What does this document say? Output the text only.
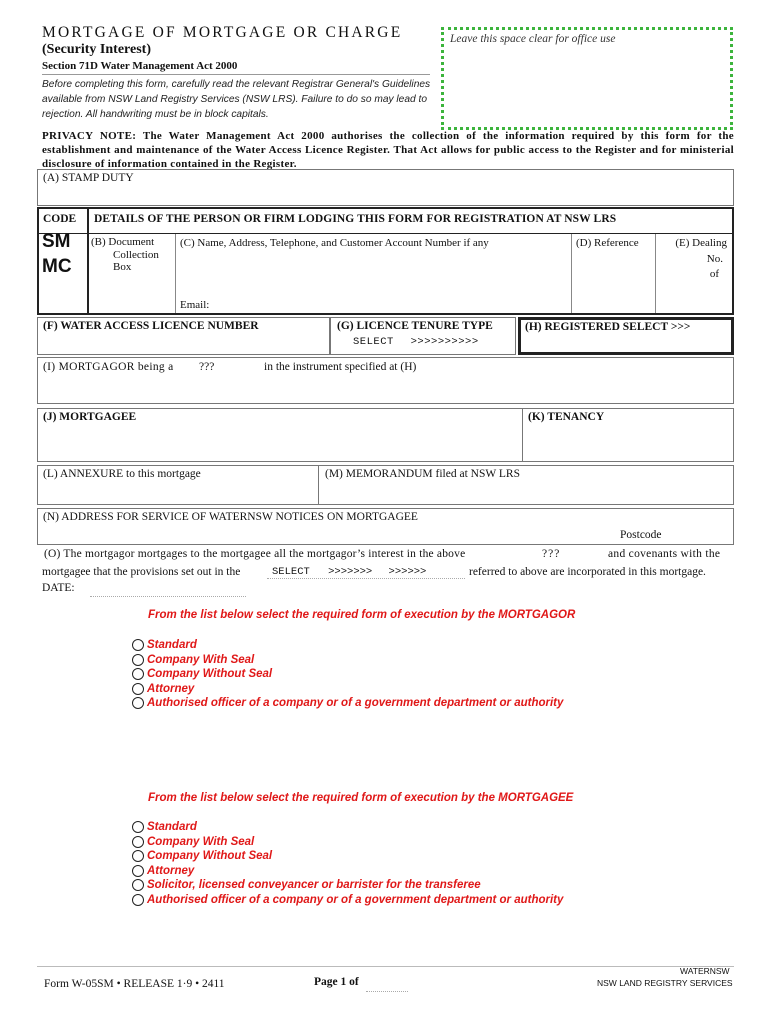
MORTGAGE OF MORTGAGE OR CHARGE
(Security Interest)
Section 71D Water Management Act 2000
Before completing this form, carefully read the relevant Registrar General's Guidelines available from NSW Land Registry Services (NSW LRS). Failure to do so may lead to rejection. All handwriting must be in block capitals.
Leave this space clear for office use
PRIVACY NOTE: The Water Management Act 2000 authorises the collection of the information required by this form for the establishment and maintenance of the Water Access Licence Register. That Act allows for public access to the Register and for ministerial disclosure of information contained in the Register.
(A) STAMP DUTY
CODE DETAILS OF THE PERSON OR FIRM LODGING THIS FORM FOR REGISTRATION AT NSW LRS
SM
MC
(B) Document
Collection
Box
(C) Name, Address, Telephone, and Customer Account Number if any
Email:
(D) Reference	(E) Dealing
No.
of
(F) WATER ACCESS LICENCE NUMBER	(G) LICENCE TENURE TYPE
SELECT >>>>>>>>>>
(H) REGISTERED SELECT >>>
(I) MORTGAGOR being a ???	in the instrument specified at (H)
(J) MORTGAGEE	(K) TENANCY
(L) ANNEXURE to this mortgage	(M) MEMORANDUM filed at NSW LRS
(N) ADDRESS FOR SERVICE OF WATERNSW NOTICES ON MORTGAGEE
Postcode
(O) The mortgagor mortgages to the mortgagee all the mortgagor’s interest in the above	???	and covenants with the
mortgagee that the provisions set out in the	SELECT >>>>>>> >>>>>>	referred to above are incorporated in this mortgage.
DATE:
From the list below select the required form of execution by the MORTGAGOR
Standard
Company With Seal
Company Without Seal
Attorney
Authorised officer of a company or of a government department or authority
From the list below select the required form of execution by the MORTGAGEE
Standard
Company With Seal
Company Without Seal
Attorney
Solicitor, licensed conveyancer or barrister for the transferee
Authorised officer of a company or of a government department or authority
Form W-05SM • RELEASE 1·9 • 2411	Page 1 of
WATERNSW
NSW LAND REGISTRY SERVICES
